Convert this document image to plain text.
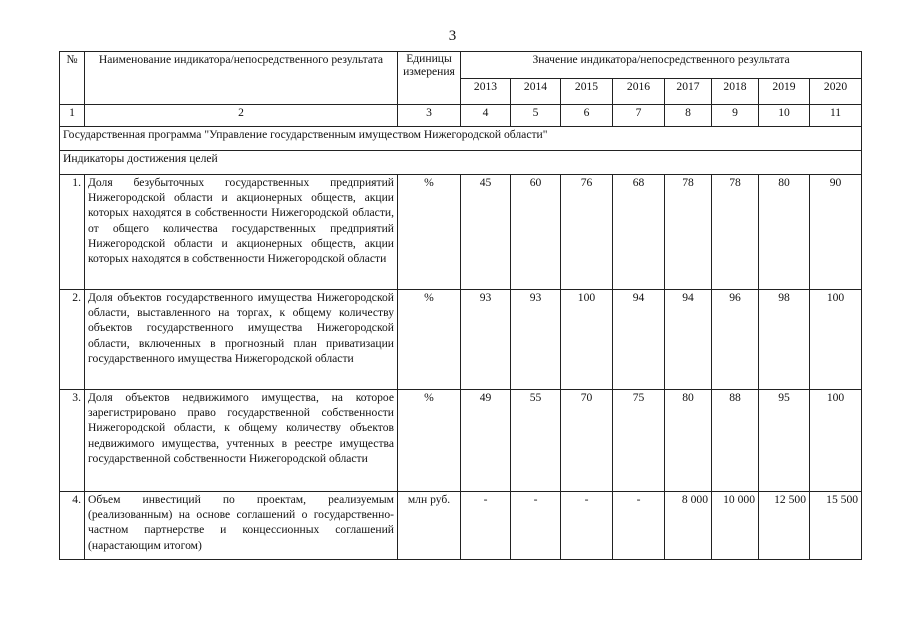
3
№	Наименование индикатора/непосредственного результата	Единицы измерения	Значение индикатора/непосредственного результата							
			2013	2014	2015	2016	2017	2018	2019	2020
1	2	3	4	5	6	7	8	9	10	11
Государственная программа "Управление государственным имуществом Нижегородской области"										
Индикаторы достижения целей										
1.	Доля безубыточных государственных предприятий Нижегородской области и акционерных обществ, акции которых находятся в собственности Нижегородской области, от общего количества государственных предприятий Нижегородской области и акционерных обществ, акции которых находятся в собственности Нижегородской области	%	45	60	76	68	78	78	80	90
2.	Доля объектов государственного имущества Нижегородской области, выставленного на торгах, к общему количеству объектов государственного имущества Нижегородской области, включенных в прогнозный план приватизации государственного имущества Нижегородской области	%	93	93	100	94	94	96	98	100
3.	Доля объектов недвижимого имущества, на которое зарегистрировано право государственной собственности Нижегородской области, к общему количеству объектов недвижимого имущества, учтенных в реестре имущества государственной собственности Нижегородской области	%	49	55	70	75	80	88	95	100
4.	Объем инвестиций по проектам, реализуемым (реализованным) на основе соглашений о государственно-частном партнерстве и концессионных соглашений (нарастающим итогом)	млн руб.	-	-	-	-	8 000	10 000	12 500	15 500
